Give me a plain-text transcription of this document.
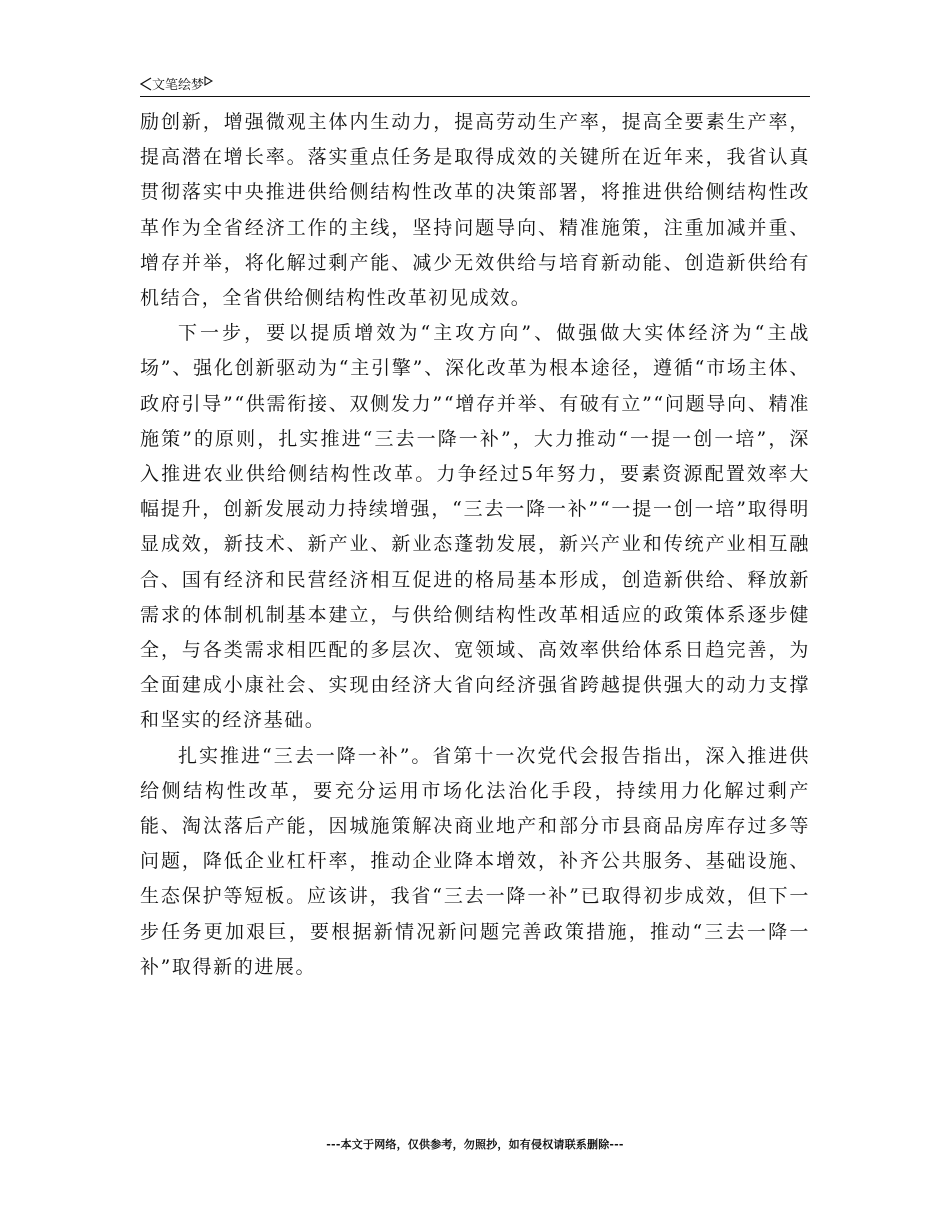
文笔绘梦

励创新，增强微观主体内生动力，提高劳动生产率，提高全要素生产率，提高潜在增长率。落实重点任务是取得成效的关键所在近年来，我省认真贯彻落实中央推进供给侧结构性改革的决策部署，将推进供给侧结构性改革作为全省经济工作的主线，坚持问题导向、精准施策，注重加减并重、增存并举，将化解过剩产能、减少无效供给与培育新动能、创造新供给有机结合，全省供给侧结构性改革初见成效。

下一步，要以提质增效为“主攻方向”、做强做大实体经济为“主战场”、强化创新驱动为“主引擎”、深化改革为根本途径，遵循“市场主体、政府引导”“供需衔接、双侧发力”“增存并举、有破有立”“问题导向、精准施策”的原则，扎实推进“三去一降一补”，大力推动“一提一创一培”，深入推进农业供给侧结构性改革。力争经过5年努力，要素资源配置效率大幅提升，创新发展动力持续增强，“三去一降一补”“一提一创一培”取得明显成效，新技术、新产业、新业态蓬勃发展，新兴产业和传统产业相互融合、国有经济和民营经济相互促进的格局基本形成，创造新供给、释放新需求的体制机制基本建立，与供给侧结构性改革相适应的政策体系逐步健全，与各类需求相匹配的多层次、宽领域、高效率供给体系日趋完善，为全面建成小康社会、实现由经济大省向经济强省跨越提供强大的动力支撑和坚实的经济基础。

扎实推进“三去一降一补”。省第十一次党代会报告指出，深入推进供给侧结构性改革，要充分运用市场化法治化手段，持续用力化解过剩产能、淘汰落后产能，因城施策解决商业地产和部分市县商品房库存过多等问题，降低企业杠杆率，推动企业降本增效，补齐公共服务、基础设施、生态保护等短板。应该讲，我省“三去一降一补”已取得初步成效，但下一步任务更加艰巨，要根据新情况新问题完善政策措施，推动“三去一降一补”取得新的进展。

---本文于网络，仅供参考，勿照抄，如有侵权请联系删除---
